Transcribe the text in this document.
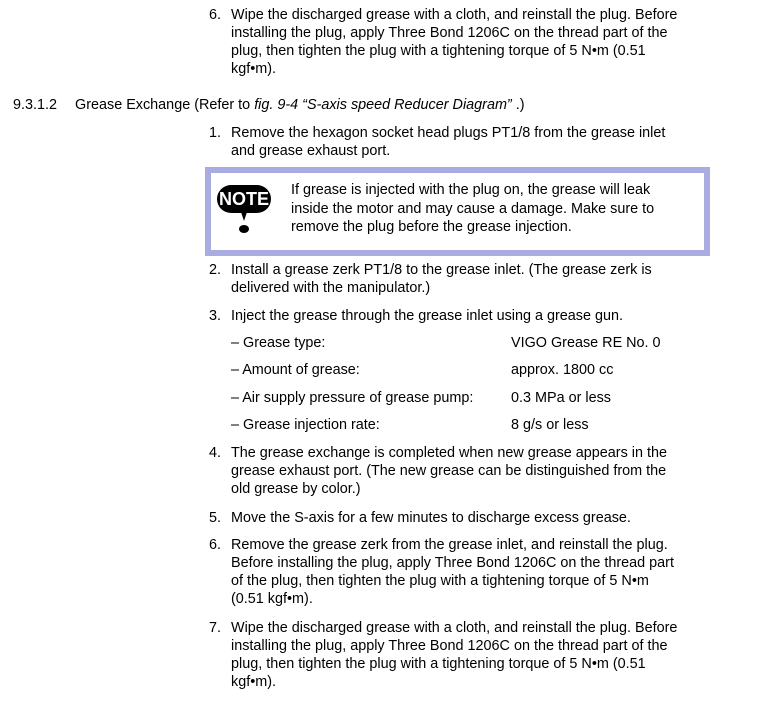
6. Wipe the discharged grease with a cloth, and reinstall the plug. Before
installing the plug, apply Three Bond 1206C on the thread part of the
plug, then tighten the plug with a tightening torque of 5 N•m (0.51
kgf•m).
9.3.1.2 Grease Exchange (Refer to fig. 9-4 “S-axis speed Reducer Diagram” .)
1. Remove the hexagon socket head plugs PT1/8 from the grease inlet
and grease exhaust port.
NOTE If grease is injected with the plug on, the grease will leak
inside the motor and may cause a damage. Make sure to
remove the plug before the grease injection.
2. Install a grease zerk PT1/8 to the grease inlet. (The grease zerk is
delivered with the manipulator.)
3. Inject the grease through the grease inlet using a grease gun.
– Grease type:	VIGO Grease RE No. 0
– Amount of grease:	approx. 1800 cc
– Air supply pressure of grease pump:	0.3 MPa or less
– Grease injection rate:	8 g/s or less
4. The grease exchange is completed when new grease appears in the
grease exhaust port. (The new grease can be distinguished from the
old grease by color.)
5. Move the S-axis for a few minutes to discharge excess grease.
6. Remove the grease zerk from the grease inlet, and reinstall the plug.
Before installing the plug, apply Three Bond 1206C on the thread part
of the plug, then tighten the plug with a tightening torque of 5 N•m
(0.51 kgf•m).
7. Wipe the discharged grease with a cloth, and reinstall the plug. Before
installing the plug, apply Three Bond 1206C on the thread part of the
plug, then tighten the plug with a tightening torque of 5 N•m (0.51
kgf•m).
